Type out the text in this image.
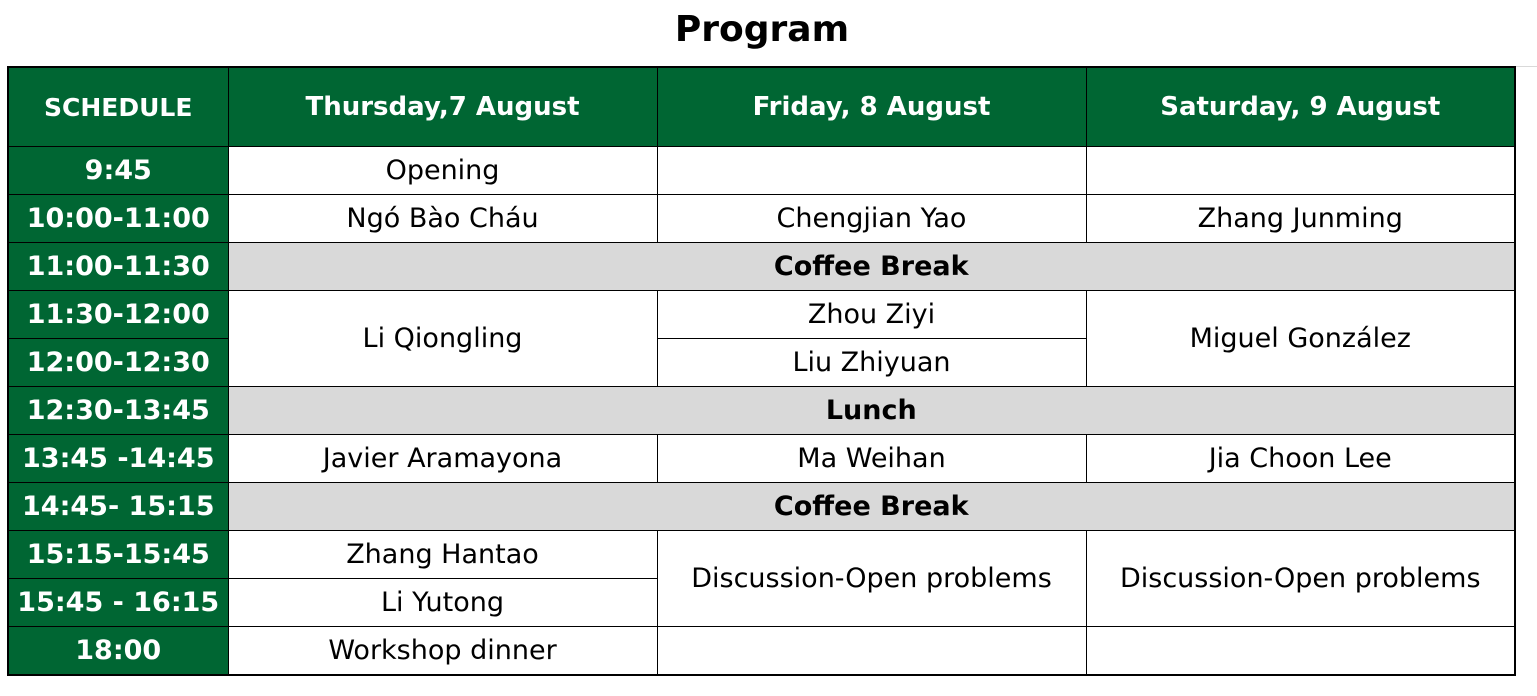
Program
SCHEDULE	Thursday,7 August	Friday, 8 August	Saturday, 9 August
9:45	Opening		
10:00-11:00	Ngó Bào Cháu	Chengjian Yao	Zhang Junming
11:00-11:30	Coffee Break		
11:30-12:00	Li Qiongling	Zhou Ziyi	Miguel González
12:00-12:30		Liu Zhiyuan	
12:30-13:45	Lunch		
13:45 -14:45	Javier Aramayona	Ma Weihan	Jia Choon Lee
14:45- 15:15	Coffee Break		
15:15-15:45	Zhang Hantao	Discussion-Open problems	Discussion-Open problems
15:45 - 16:15	Li Yutong		
18:00	Workshop dinner		
